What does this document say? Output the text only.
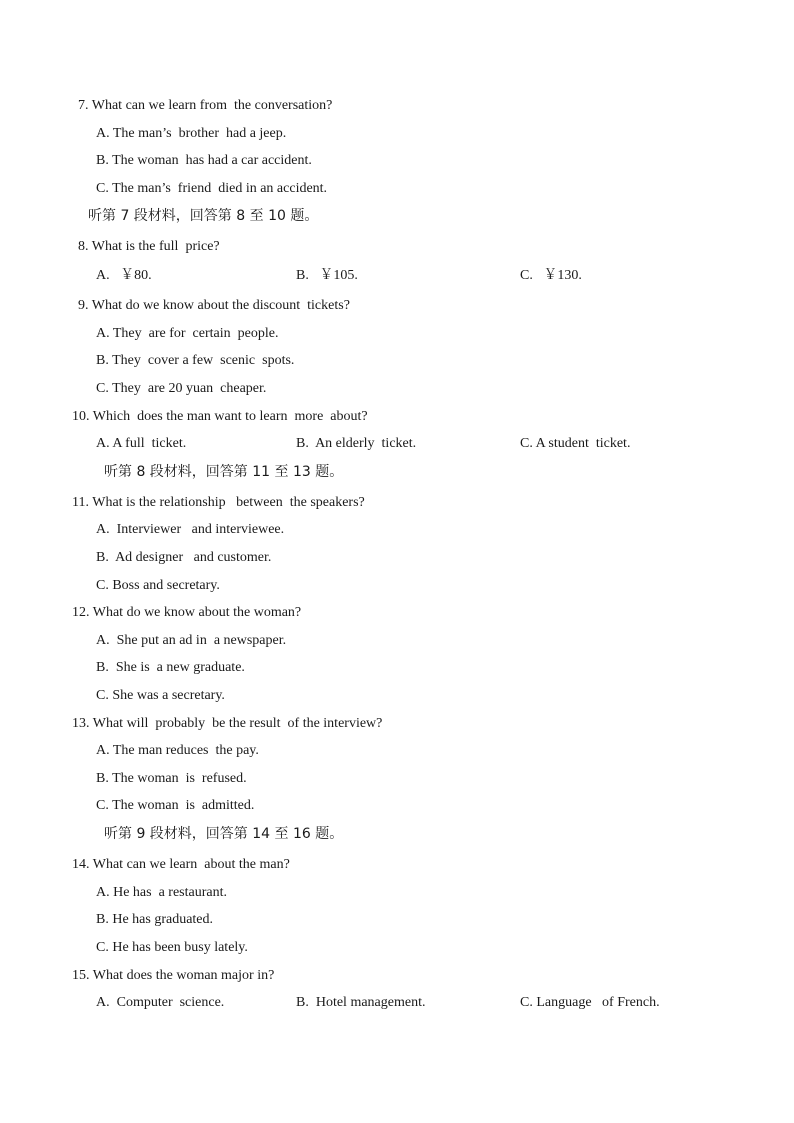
7. What can we learn from  the conversation?
A. The man’s  brother  had a jeep.
B. The woman  has had a car accident.
C. The man’s  friend  died in an accident.
听第 7 段材料，回答第 8 至 10 题。
8. What is the full  price?
A.   ￥80.	B.   ￥105.	C.   ￥130.
9. What do we know about the discount  tickets?
A. They  are for  certain  people.
B. They  cover a few  scenic  spots.
C. They  are 20 yuan  cheaper.
10. Which  does the man want to learn  more  about?
A. A full  ticket.	B.  An elderly  ticket.	C. A student  ticket.
听第 8 段材料，回答第 11 至 13 题。
11. What is the relationship   between  the speakers?
A.  Interviewer   and interviewee.
B.  Ad designer   and customer.
C. Boss and secretary.
12. What do we know about the woman?
A.  She put an ad in  a newspaper.
B.  She is  a new graduate.
C. She was a secretary.
13. What will  probably  be the result  of the interview?
A. The man reduces  the pay.
B. The woman  is  refused.
C. The woman  is  admitted.
听第 9 段材料，回答第 14 至 16 题。
14. What can we learn  about the man?
A. He has  a restaurant.
B. He has graduated.
C. He has been busy lately.
15. What does the woman major in?
A.  Computer  science.	B.  Hotel management.	C. Language   of French.
